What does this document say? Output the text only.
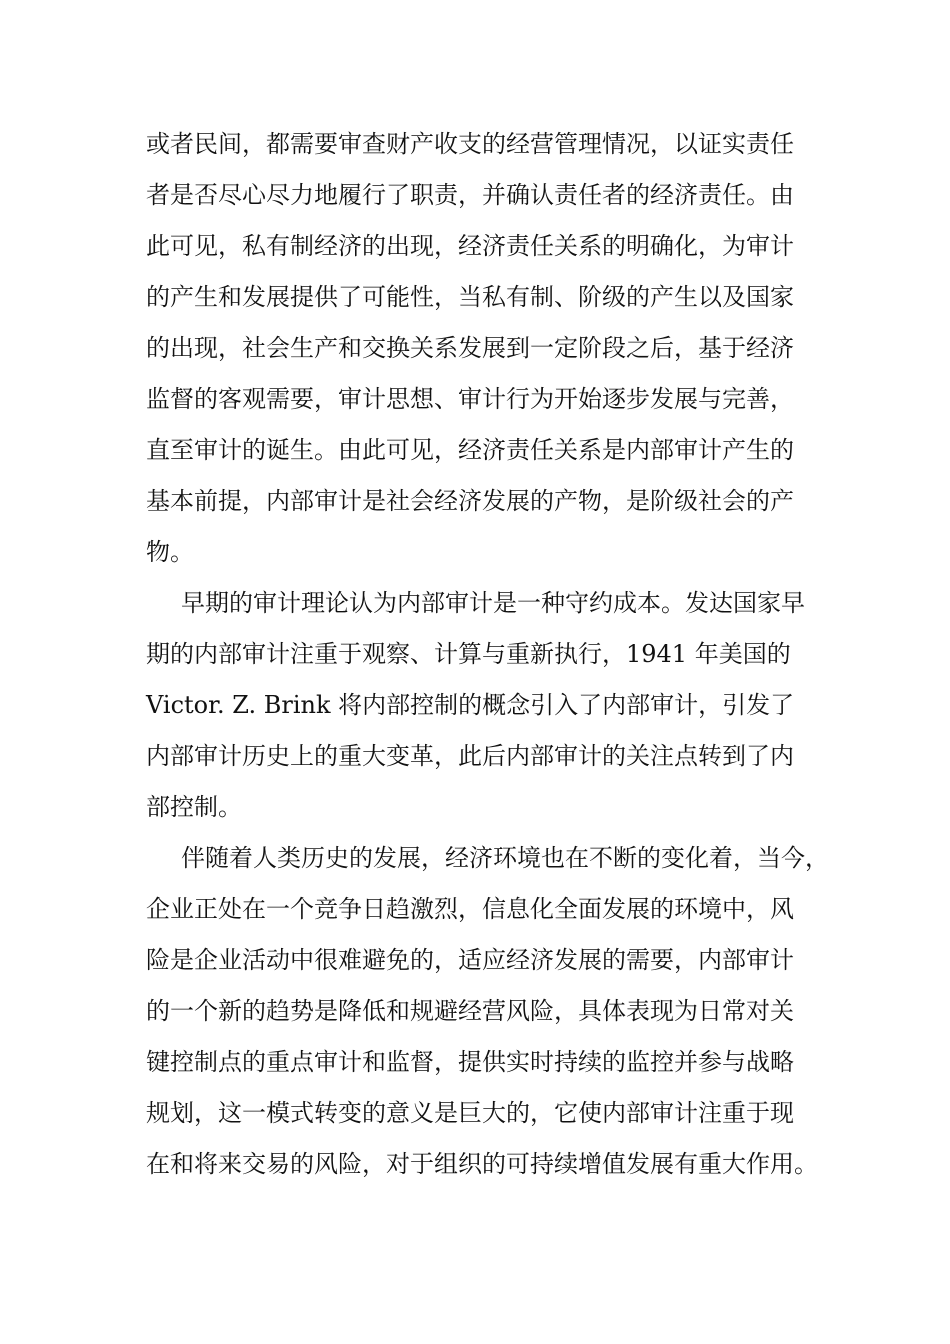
或者民间，都需要审查财产收支的经营管理情况，以证实责任
者是否尽心尽力地履行了职责，并确认责任者的经济责任。由
此可见，私有制经济的出现，经济责任关系的明确化，为审计
的产生和发展提供了可能性，当私有制、阶级的产生以及国家
的出现，社会生产和交换关系发展到一定阶段之后，基于经济
监督的客观需要，审计思想、审计行为开始逐步发展与完善，
直至审计的诞生。由此可见，经济责任关系是内部审计产生的
基本前提，内部审计是社会经济发展的产物，是阶级社会的产
物。
早期的审计理论认为内部审计是一种守约成本。发达国家早
期的内部审计注重于观察、计算与重新执行，1941 年美国的
Victor. Z. Brink 将内部控制的概念引入了内部审计，引发了
内部审计历史上的重大变革，此后内部审计的关注点转到了内
部控制。
伴随着人类历史的发展，经济环境也在不断的变化着，当今，
企业正处在一个竞争日趋激烈，信息化全面发展的环境中，风
险是企业活动中很难避免的，适应经济发展的需要，内部审计
的一个新的趋势是降低和规避经营风险，具体表现为日常对关
键控制点的重点审计和监督，提供实时持续的监控并参与战略
规划，这一模式转变的意义是巨大的，它使内部审计注重于现
在和将来交易的风险，对于组织的可持续增值发展有重大作用。
